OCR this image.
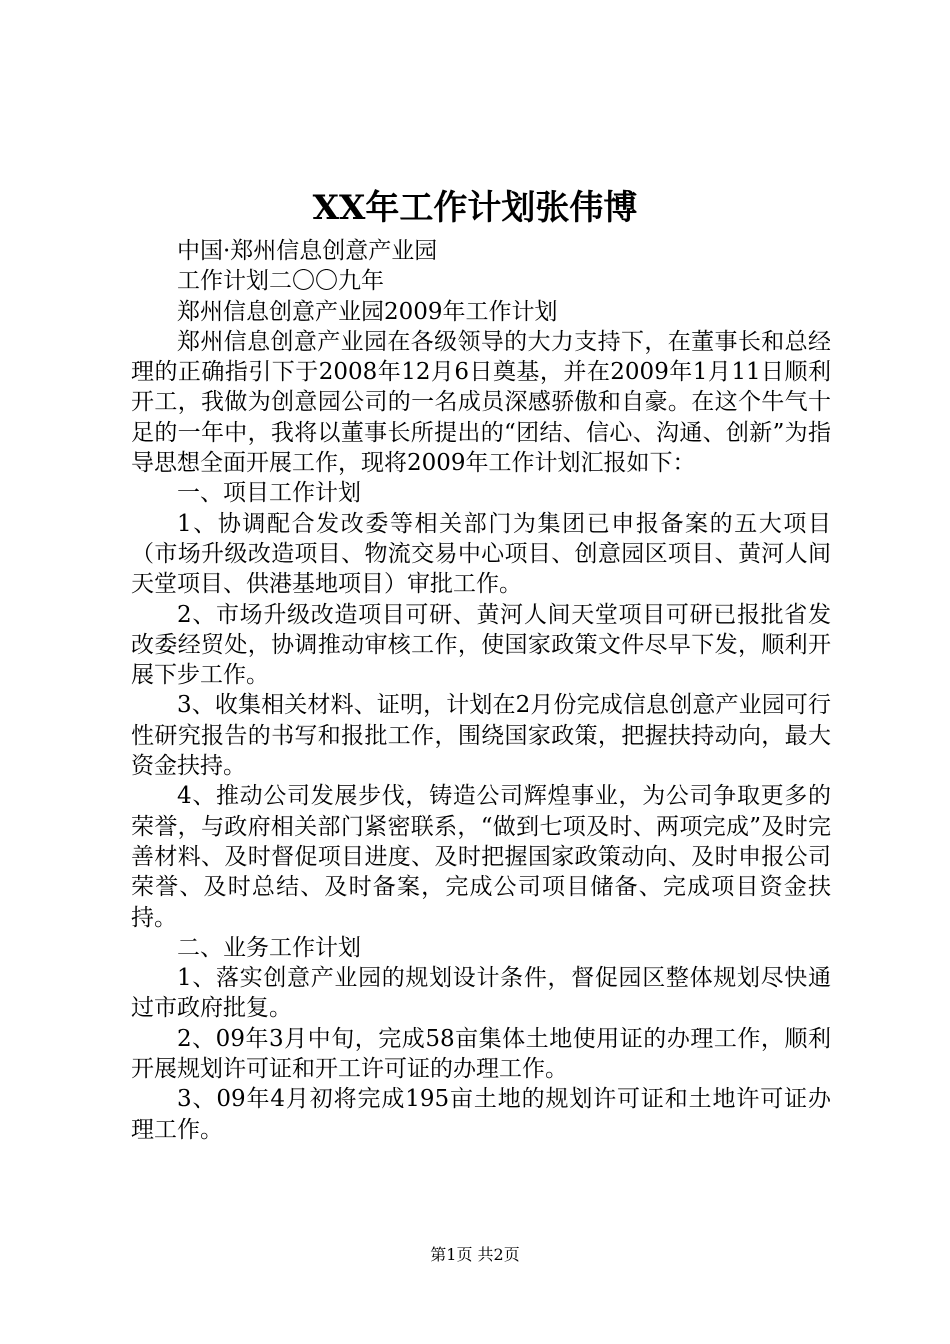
XX年工作计划张伟博

中国·郑州信息创意产业园

工作计划二〇〇九年

郑州信息创意产业园2009年工作计划

郑州信息创意产业园在各级领导的大力支持下，在董事长和总经理的正确指引下于2008年12月6日奠基，并在2009年1月11日顺利开工，我做为创意园公司的一名成员深感骄傲和自豪。在这个牛气十足的一年中，我将以董事长所提出的“团结、信心、沟通、创新”为指导思想全面开展工作，现将2009年工作计划汇报如下：

一、项目工作计划

1、协调配合发改委等相关部门为集团已申报备案的五大项目（市场升级改造项目、物流交易中心项目、创意园区项目、黄河人间天堂项目、供港基地项目）审批工作。

2、市场升级改造项目可研、黄河人间天堂项目可研已报批省发改委经贸处，协调推动审核工作，使国家政策文件尽早下发，顺利开展下步工作。

3、收集相关材料、证明，计划在2月份完成信息创意产业园可行性研究报告的书写和报批工作，围绕国家政策，把握扶持动向，最大资金扶持。

4、推动公司发展步伐，铸造公司辉煌事业，为公司争取更多的荣誉，与政府相关部门紧密联系，“做到七项及时、两项完成”及时完善材料、及时督促项目进度、及时把握国家政策动向、及时申报公司荣誉、及时总结、及时备案，完成公司项目储备、完成项目资金扶持。

二、业务工作计划

1、落实创意产业园的规划设计条件，督促园区整体规划尽快通过市政府批复。

2、09年3月中旬，完成58亩集体土地使用证的办理工作，顺利开展规划许可证和开工许可证的办理工作。

3、09年4月初将完成195亩土地的规划许可证和土地许可证办理工作。

第1页 共2页
